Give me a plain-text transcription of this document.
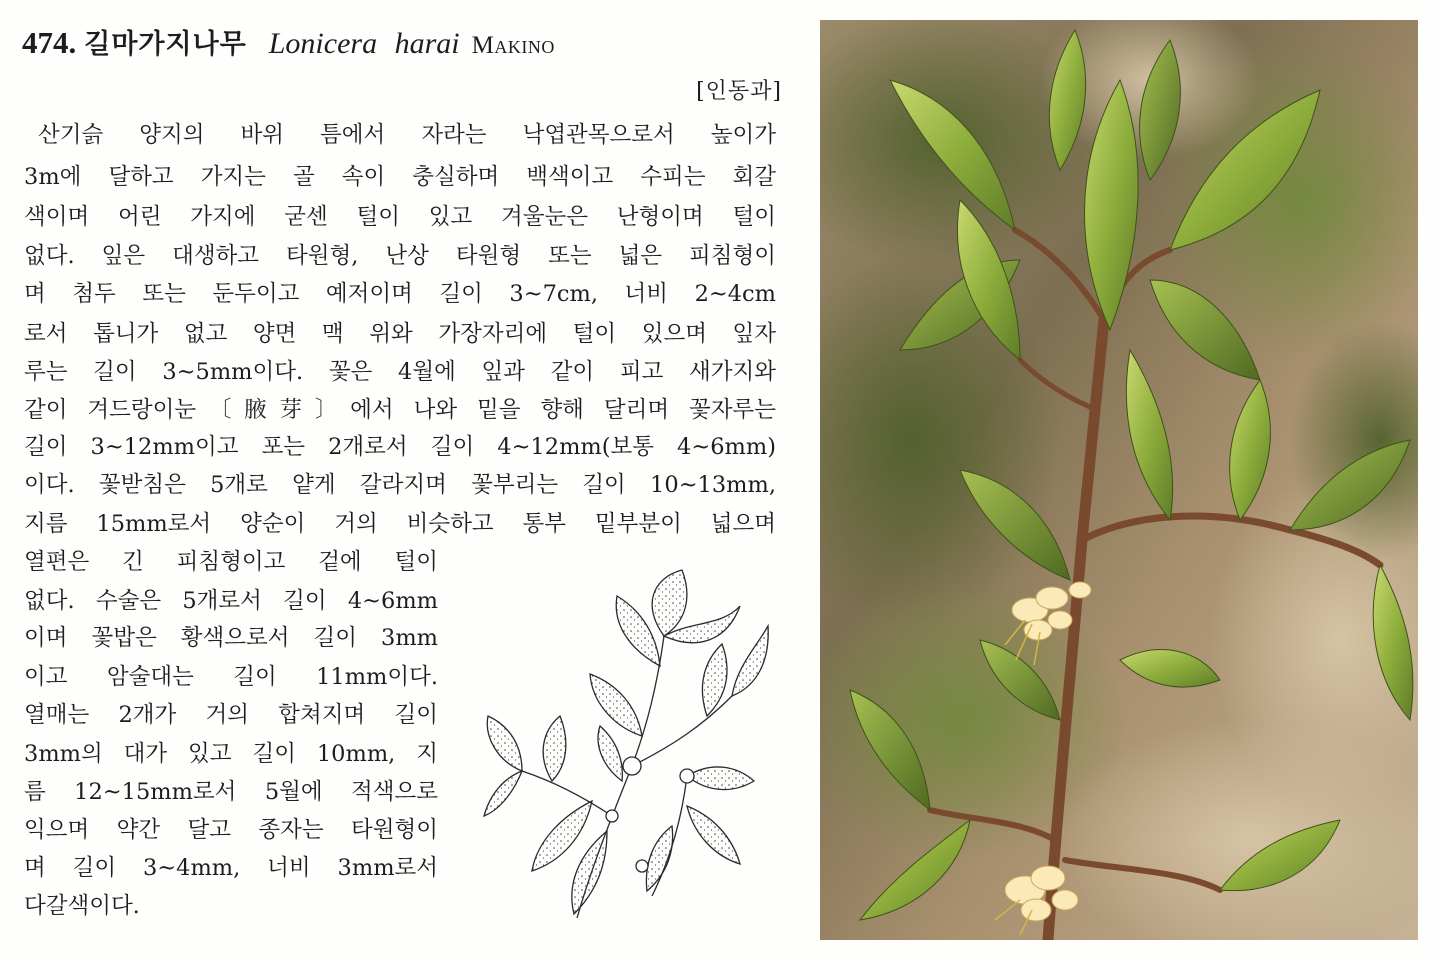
474. 길마가지나무 Lonicera harai Makino
[인동과]
산기슭 양지의 바위 틈에서 자라는 낙엽관목으로서 높이가
3m에 달하고 가지는 골 속이 충실하며 백색이고 수피는 회갈
색이며 어린 가지에 굳센 털이 있고 겨울눈은 난형이며 털이
없다. 잎은 대생하고 타원형, 난상 타원형 또는 넓은 피침형이
며 첨두 또는 둔두이고 예저이며 길이 3~7cm, 너비 2~4cm
로서 톱니가 없고 양면 맥 위와 가장자리에 털이 있으며 잎자
루는 길이 3~5mm이다. 꽃은 4월에 잎과 같이 피고 새가지와
같이 겨드랑이눈〔腋芽〕에서 나와 밑을 향해 달리며 꽃자루는
길이 3~12mm이고 포는 2개로서 길이 4~12mm(보통 4~6mm)
이다. 꽃받침은 5개로 얕게 갈라지며 꽃부리는 길이 10~13mm,
지름 15mm로서 양순이 거의 비슷하고 통부 밑부분이 넓으며
열편은 긴 피침형이고 겉에 털이
없다. 수술은 5개로서 길이 4~6mm
이며 꽃밥은 황색으로서 길이 3mm
이고 암술대는 길이 11mm이다.
열매는 2개가 거의 합쳐지며 길이
3mm의 대가 있고 길이 10mm, 지
름 12~15mm로서 5월에 적색으로
익으며 약간 달고 종자는 타원형이
며 길이 3~4mm, 너비 3mm로서
다갈색이다.
